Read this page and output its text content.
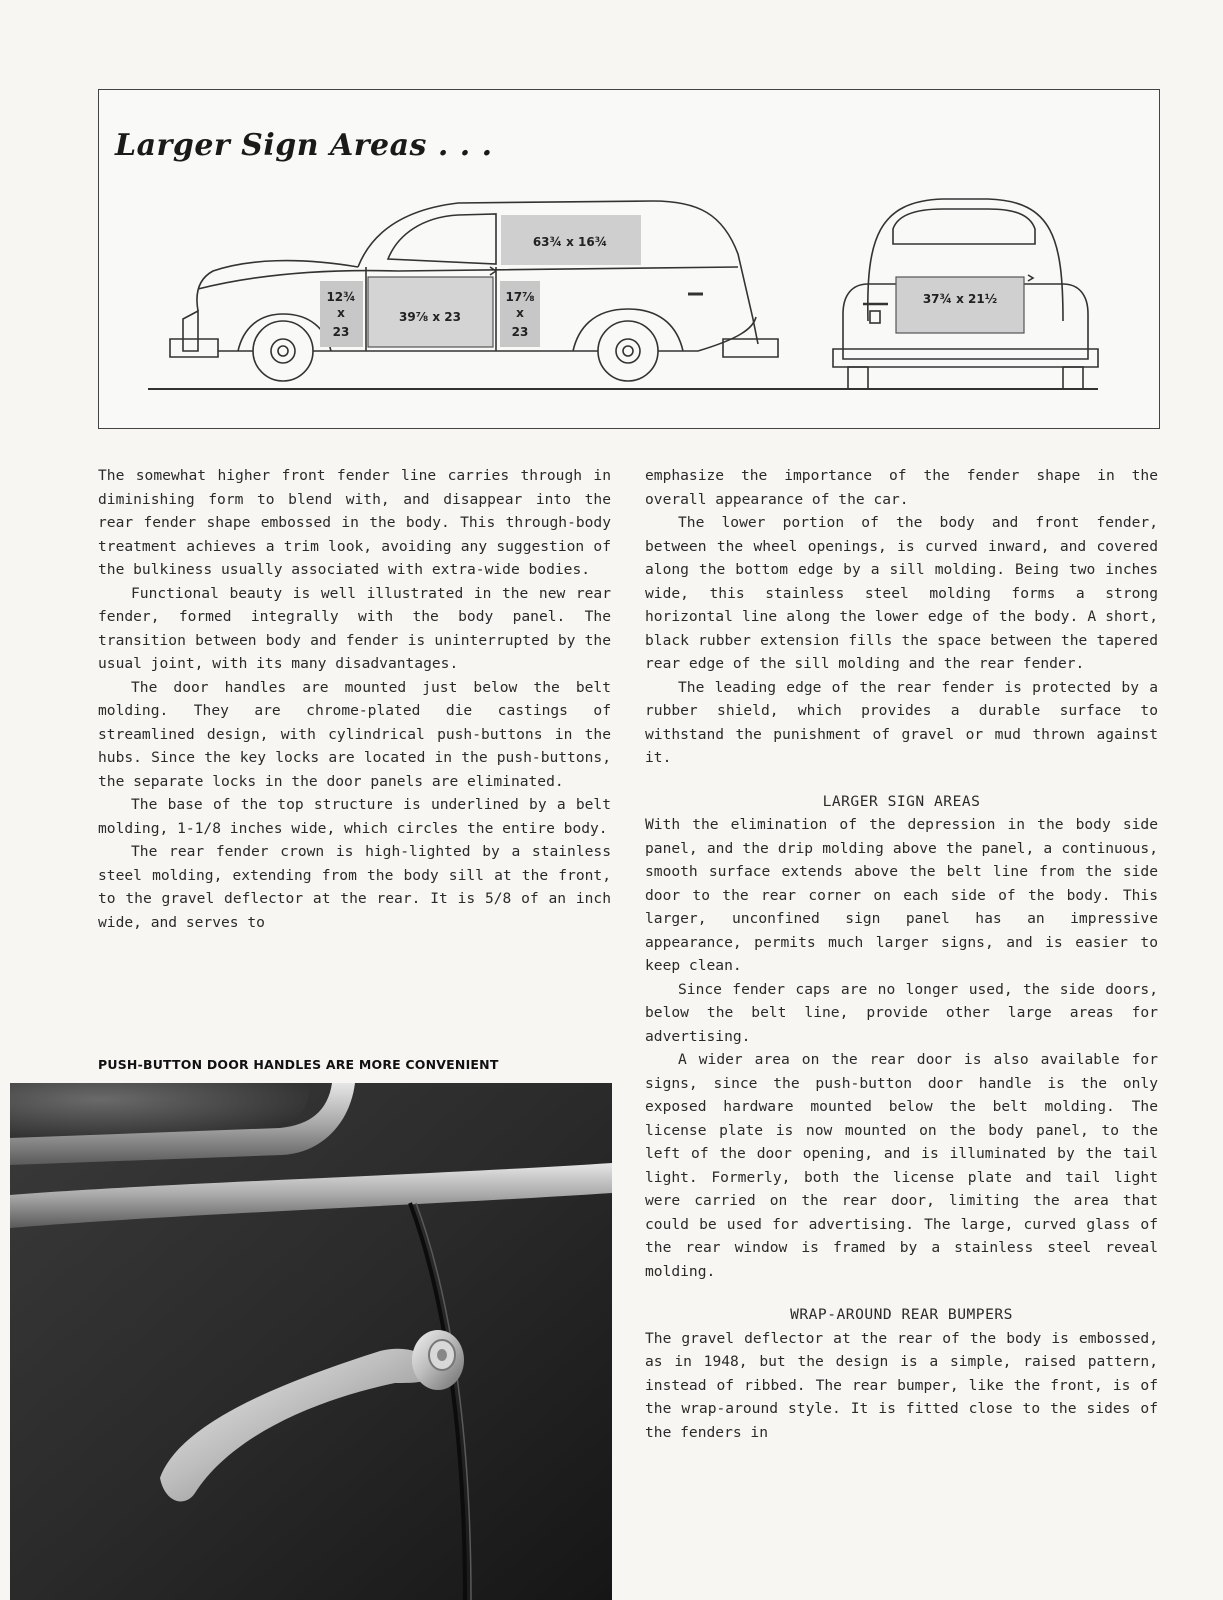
Larger Sign Areas . . .
63¾ x 16¾
12¾
x
23
39⅞ x 23
17⅞
x
23
37¾ x 21½

The somewhat higher front fender line carries through in diminishing form to blend with, and disappear into the rear fender shape embossed in the body. This through-body treatment achieves a trim look, avoiding any suggestion of the bulkiness usually associated with extra-wide bodies.

Functional beauty is well illustrated in the new rear fender, formed integrally with the body panel. The transition between body and fender is uninterrupted by the usual joint, with its many disadvantages.

The door handles are mounted just below the belt molding. They are chrome-plated die castings of streamlined design, with cylindrical push-buttons in the hubs. Since the key locks are located in the push-buttons, the separate locks in the door panels are eliminated.

The base of the top structure is underlined by a belt molding, 1-1/8 inches wide, which circles the entire body.

The rear fender crown is high-lighted by a stainless steel molding, extending from the body sill at the front, to the gravel deflector at the rear. It is 5/8 of an inch wide, and serves to

PUSH-BUTTON DOOR HANDLES ARE MORE CONVENIENT

emphasize the importance of the fender shape in the overall appearance of the car.

The lower portion of the body and front fender, between the wheel openings, is curved inward, and covered along the bottom edge by a sill molding. Being two inches wide, this stainless steel molding forms a strong horizontal line along the lower edge of the body. A short, black rubber extension fills the space between the tapered rear edge of the sill molding and the rear fender.

The leading edge of the rear fender is protected by a rubber shield, which provides a durable surface to withstand the punishment of gravel or mud thrown against it.

LARGER SIGN AREAS

With the elimination of the depression in the body side panel, and the drip molding above the panel, a continuous, smooth surface extends above the belt line from the side door to the rear corner on each side of the body. This larger, unconfined sign panel has an impressive appearance, permits much larger signs, and is easier to keep clean.

Since fender caps are no longer used, the side doors, below the belt line, provide other large areas for advertising.

A wider area on the rear door is also available for signs, since the push-button door handle is the only exposed hardware mounted below the belt molding. The license plate is now mounted on the body panel, to the left of the door opening, and is illuminated by the tail light. Formerly, both the license plate and tail light were carried on the rear door, limiting the area that could be used for advertising. The large, curved glass of the rear window is framed by a stainless steel reveal molding.

WRAP-AROUND REAR BUMPERS

The gravel deflector at the rear of the body is embossed, as in 1948, but the design is a simple, raised pattern, instead of ribbed. The rear bumper, like the front, is of the wrap-around style. It is fitted close to the sides of the fenders in
